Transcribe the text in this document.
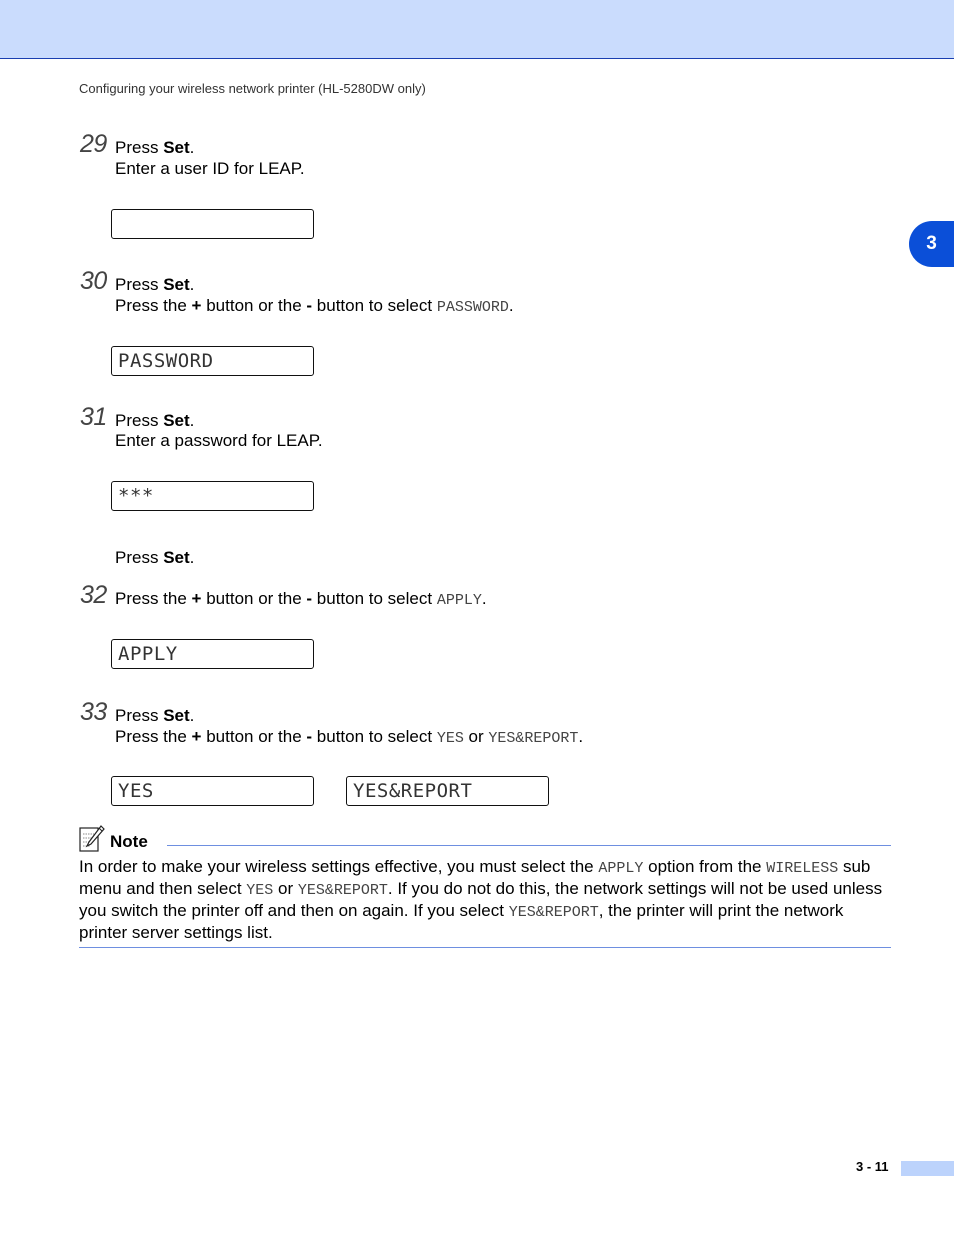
Configuring your wireless network printer (HL-5280DW only)
3
29 Press Set.
Enter a user ID for LEAP.
30 Press Set.
Press the + button or the - button to select PASSWORD.
PASSWORD
31 Press Set.
Enter a password for LEAP.
***
Press Set.
32 Press the + button or the - button to select APPLY.
APPLY
33 Press Set.
Press the + button or the - button to select YES or YES&REPORT.
YES	YES&REPORT
Note
In order to make your wireless settings effective, you must select the APPLY option from the WIRELESS sub menu and then select YES or YES&REPORT. If you do not do this, the network settings will not be used unless you switch the printer off and then on again. If you select YES&REPORT, the printer will print the network printer server settings list.
3 - 11
